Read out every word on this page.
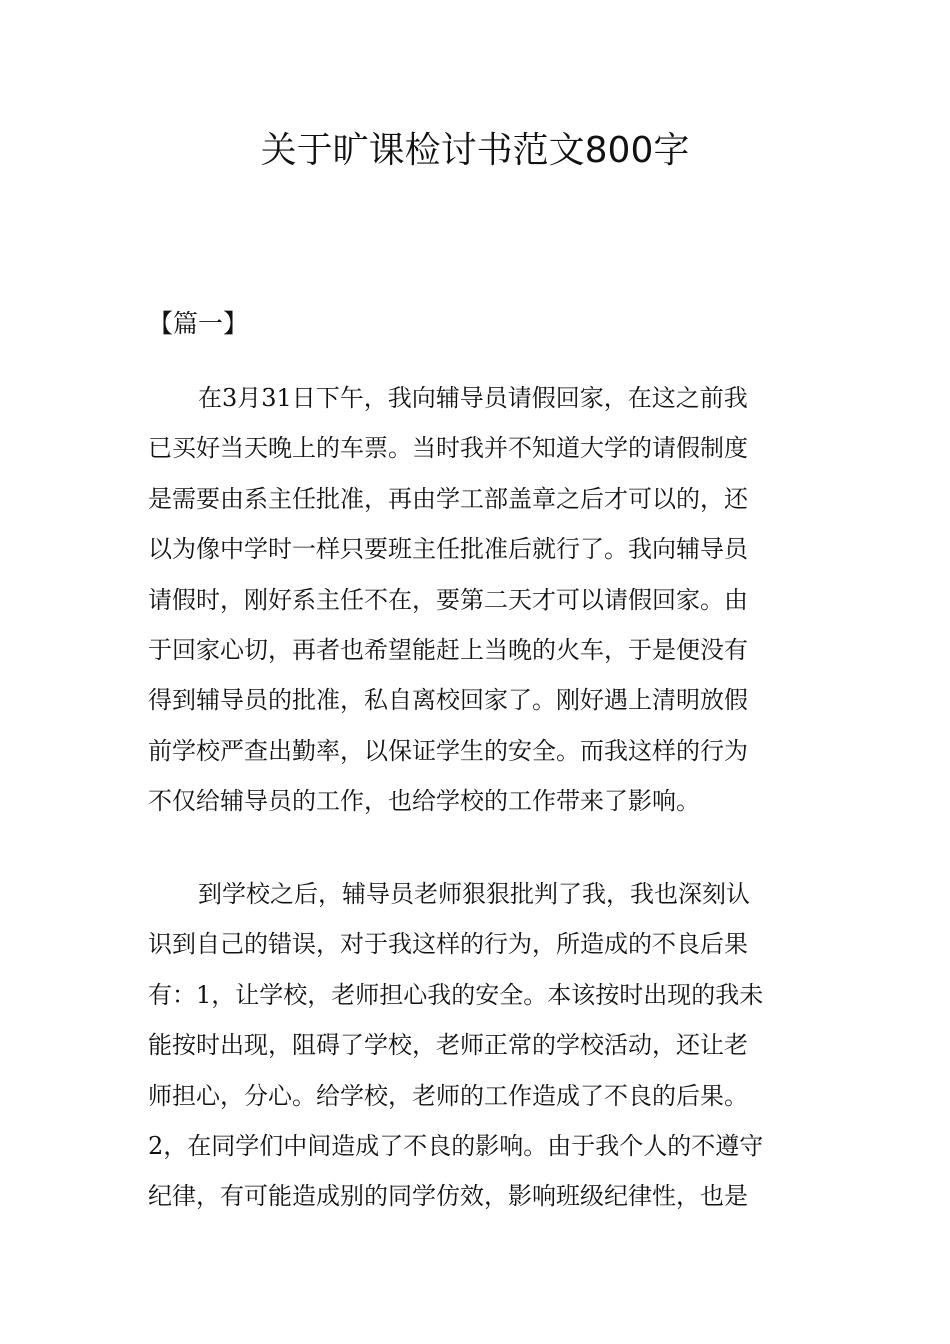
关于旷课检讨书范文800字
【篇一】
在3月31日下午，我向辅导员请假回家，在这之前我
已买好当天晚上的车票。当时我并不知道大学的请假制度
是需要由系主任批准，再由学工部盖章之后才可以的，还
以为像中学时一样只要班主任批准后就行了。我向辅导员
请假时，刚好系主任不在，要第二天才可以请假回家。由
于回家心切，再者也希望能赶上当晚的火车，于是便没有
得到辅导员的批准，私自离校回家了。刚好遇上清明放假
前学校严查出勤率，以保证学生的安全。而我这样的行为
不仅给辅导员的工作，也给学校的工作带来了影响。
到学校之后，辅导员老师狠狠批判了我，我也深刻认
识到自己的错误，对于我这样的行为，所造成的不良后果
有：1，让学校，老师担心我的安全。本该按时出现的我未
能按时出现，阻碍了学校，老师正常的学校活动，还让老
师担心，分心。给学校，老师的工作造成了不良的后果。
2，在同学们中间造成了不良的影响。由于我个人的不遵守
纪律，有可能造成别的同学仿效，影响班级纪律性，也是
